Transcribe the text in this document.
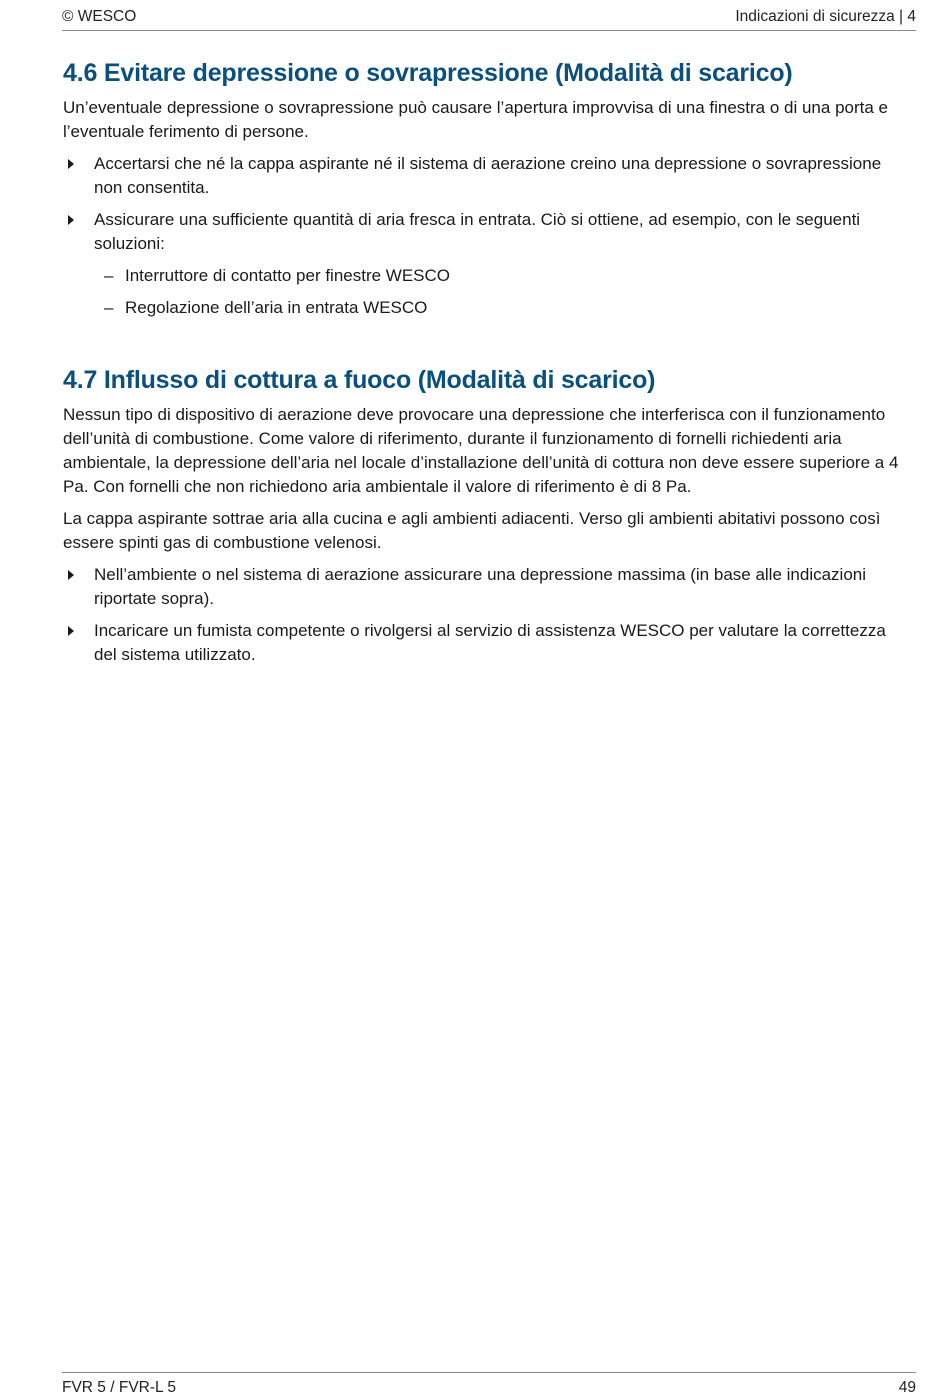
© WESCO	Indicazioni di sicurezza | 4
4.6 Evitare depressione o sovrapressione (Modalità di scarico)

Un’eventuale depressione o sovrapressione può causare l’apertura improvvisa di una finestra o di una porta e l’eventuale ferimento di persone.

Accertarsi che né la cappa aspirante né il sistema di aerazione creino una depressione o sovrapressione non consentita.
Assicurare una sufficiente quantità di aria fresca in entrata. Ciò si ottiene, ad esempio, con le seguenti soluzioni:
– Interruttore di contatto per finestre WESCO
– Regolazione dell’aria in entrata WESCO
4.7 Influsso di cottura a fuoco (Modalità di scarico)

Nessun tipo di dispositivo di aerazione deve provocare una depressione che interferisca con il funzionamento dell’unità di combustione. Come valore di riferimento, durante il funzionamento di fornelli richiedenti aria ambientale, la depressione dell’aria nel locale d’installazione dell’unità di cottura non deve essere superiore a 4 Pa. Con fornelli che non richiedono aria ambientale il valore di riferimento è di 8 Pa.

La cappa aspirante sottrae aria alla cucina e agli ambienti adiacenti. Verso gli ambienti abitativi possono così essere spinti gas di combustione velenosi.

Nell’ambiente o nel sistema di aerazione assicurare una depressione massima (in base alle indicazioni riportate sopra).
Incaricare un fumista competente o rivolgersi al servizio di assistenza WESCO per valutare la correttezza del sistema utilizzato.
FVR 5 / FVR-L 5	49
